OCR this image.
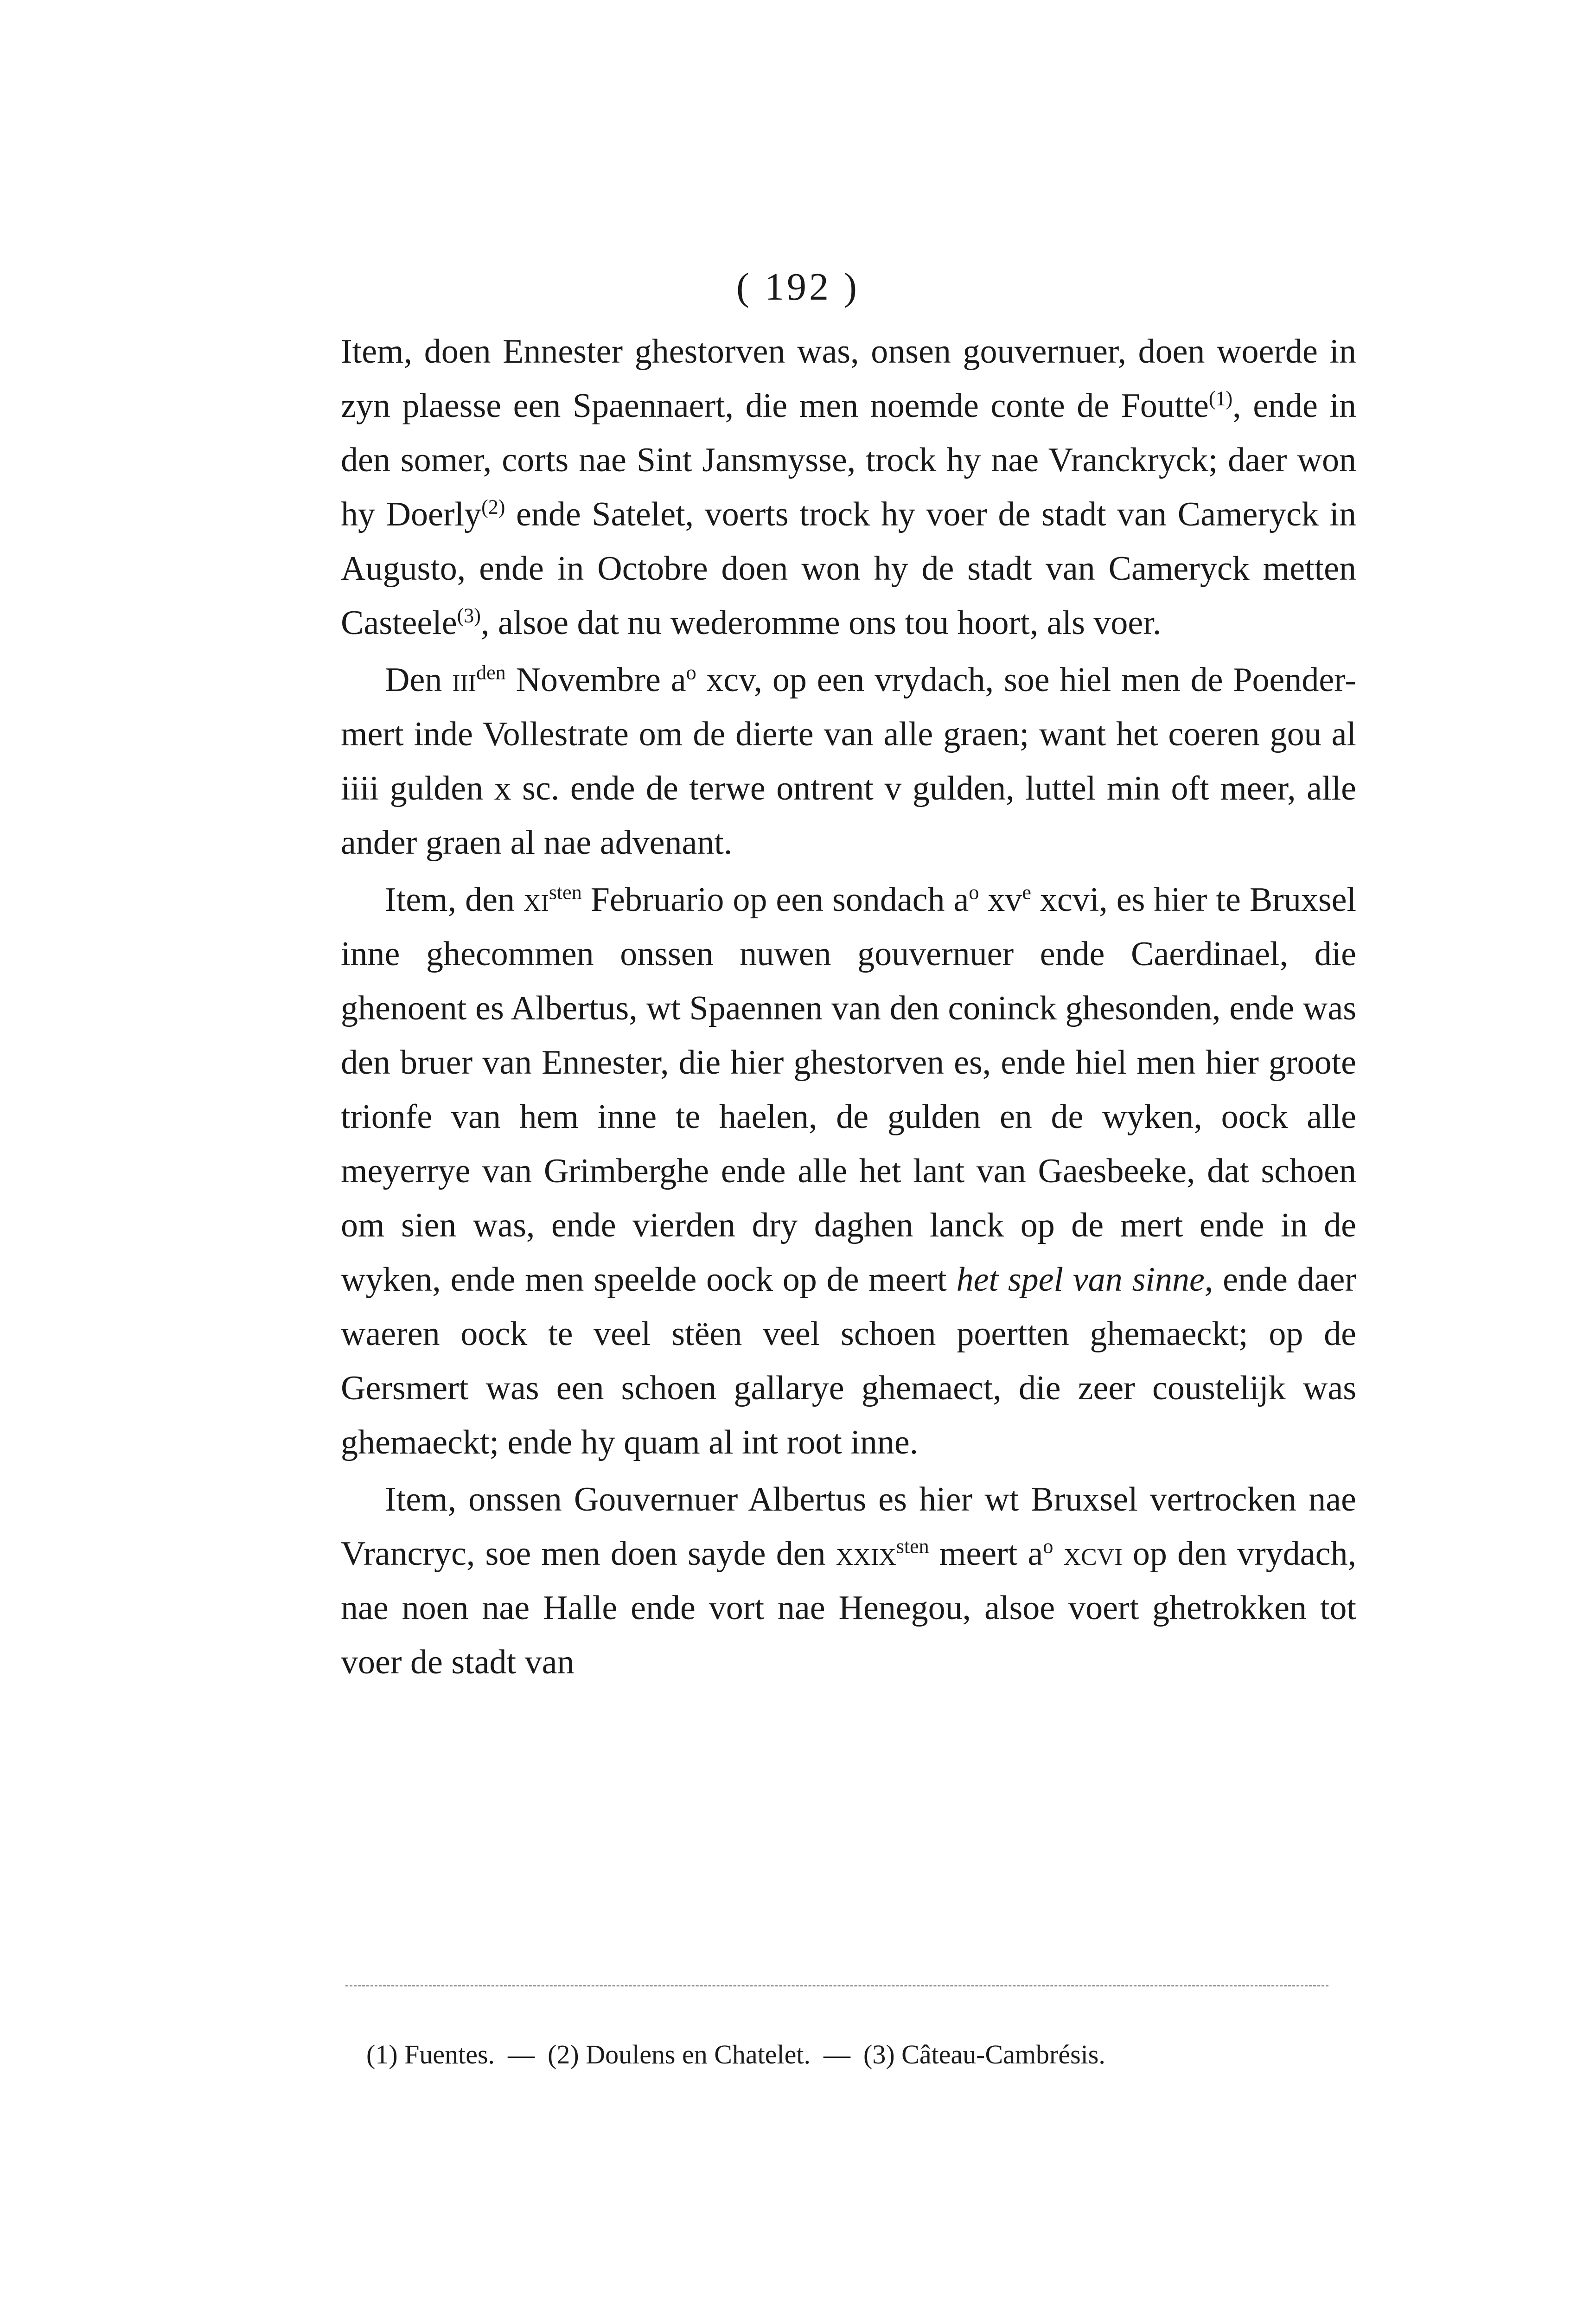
( 192 )

Item, doen Ennester ghestorven was, onsen gouvernuer, doen woerde in zyn plaesse een Spaennaert, die men noemde conte de Foutte$^{(1)}$, ende in den somer, corts nae Sint Jansmysse, trock hy nae Vranckryck; daer won hy Doerly$^{(2)}$ ende Satelet, voerts trock hy voer de stadt van Cameryck in Augusto, ende in Octobre doen won hy de stadt van Cameryck metten Casteele$^{(3)}$, alsoe dat nu wederomme ons tou hoort, als voer.

Den iii$^{den}$ Novembre $a^o$ xcv, op een vrydach, soe hiel men de Poender-mert inde Vollestrate om de dierte van alle graen; want het coeren gou al iiii gulden x sc. ende de terwe ontrent v gulden, luttel min oft meer, alle ander graen al nae advenant.

Item, den $xi^{sten}$ Februario op een sondach $a^o$ $xv^e$ xcvi, es hier te Bruxsel inne ghecommen onssen nuwen gouvernuer ende Caerdinael, die ghenoent es Albertus, wt Spaennen van den coninck ghesonden, ende was den bruer van Ennester, die hier ghestorven es, ende hiel men hier groote trionfe van hem inne te haelen, de gulden en de wyken, oock alle meyerrye van Grimberghe ende alle het lant van Gaesbeeke, dat schoen om sien was, ende vierden dry daghen lanck op de mert ende in de wyken, ende men speelde oock op de meert het spel van sinne, ende daer waeren oock te veel stëen veel schoen poertten ghemaeckt; op de Gersmert was een schoen gallarye ghemaect, die zeer coustelijk was ghemaeckt; ende hy quam al int root inne.

Item, onssen Gouvernuer Albertus es hier wt Bruxsel vertrocken nae Vrancryc, soe men doen sayde den xxix$^{sten}$ meert $a^o$ xcvi op den vrydach, nae noen nae Halle ende vort nae Henegou, alsoe voert ghetrokken tot voer de stadt van

(1) Fuentes. — (2) Doulens en Chatelet. — (3) Câteau-Cambrésis.
